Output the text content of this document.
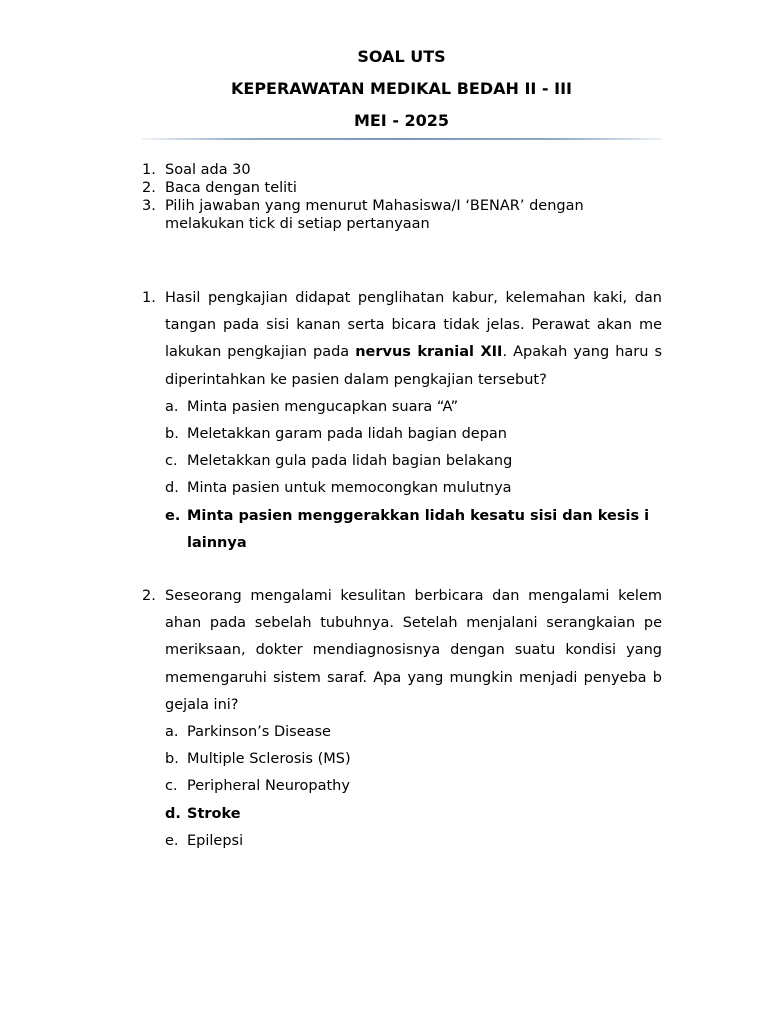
SOAL UTS
KEPERAWATAN MEDIKAL BEDAH II - III
MEI - 2025
1. Soal ada 30
2. Baca dengan teliti
3. Pilih jawaban yang menurut Mahasiswa/I ‘BENAR’ dengan melakukan tick di setiap pertanyaan
1. Hasil pengkajian didapat penglihatan kabur, kelemahan kaki, dan tangan pada sisi kanan serta bicara tidak jelas. Perawat akan me lakukan pengkajian pada nervus kranial XII. Apakah yang haru s diperintahkan ke pasien dalam pengkajian tersebut?
a. Minta pasien mengucapkan suara “A”
b. Meletakkan garam pada lidah bagian depan
c. Meletakkan gula pada lidah bagian belakang
d. Minta pasien untuk memocongkan mulutnya
e. Minta pasien menggerakkan lidah kesatu sisi dan kesis i lainnya
2. Seseorang mengalami kesulitan berbicara dan mengalami kelem ahan pada sebelah tubuhnya. Setelah menjalani serangkaian pe meriksaan, dokter mendiagnosisnya dengan suatu kondisi yang memengaruhi sistem saraf. Apa yang mungkin menjadi penyeba b gejala ini?
a. Parkinson’s Disease
b. Multiple Sclerosis (MS)
c. Peripheral Neuropathy
d. Stroke
e. Epilepsi
